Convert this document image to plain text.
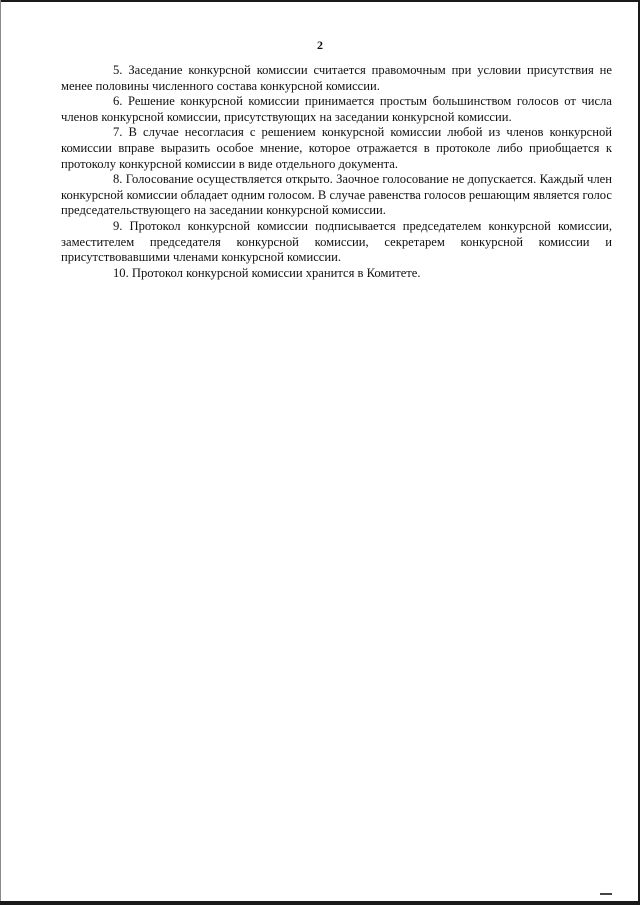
2

5. Заседание конкурсной комиссии считается правомочным при условии присутствия не менее половины численного состава конкурсной комиссии.

6. Решение конкурсной комиссии принимается простым большинством голосов от числа членов конкурсной комиссии, присутствующих на заседании конкурсной комиссии.

7. В случае несогласия с решением конкурсной комиссии любой из членов конкурсной комиссии вправе выразить особое мнение, которое отражается в протоколе либо приобщается к протоколу конкурсной комиссии в виде отдельного документа.

8. Голосование осуществляется открыто. Заочное голосование не допускается. Каждый член конкурсной комиссии обладает одним голосом. В случае равенства голосов решающим является голос председательствующего на заседании конкурсной комиссии.

9. Протокол конкурсной комиссии подписывается председателем конкурсной комиссии, заместителем председателя конкурсной комиссии, секретарем конкурсной комиссии и присутствовавшими членами конкурсной комиссии.

10. Протокол конкурсной комиссии хранится в Комитете.
